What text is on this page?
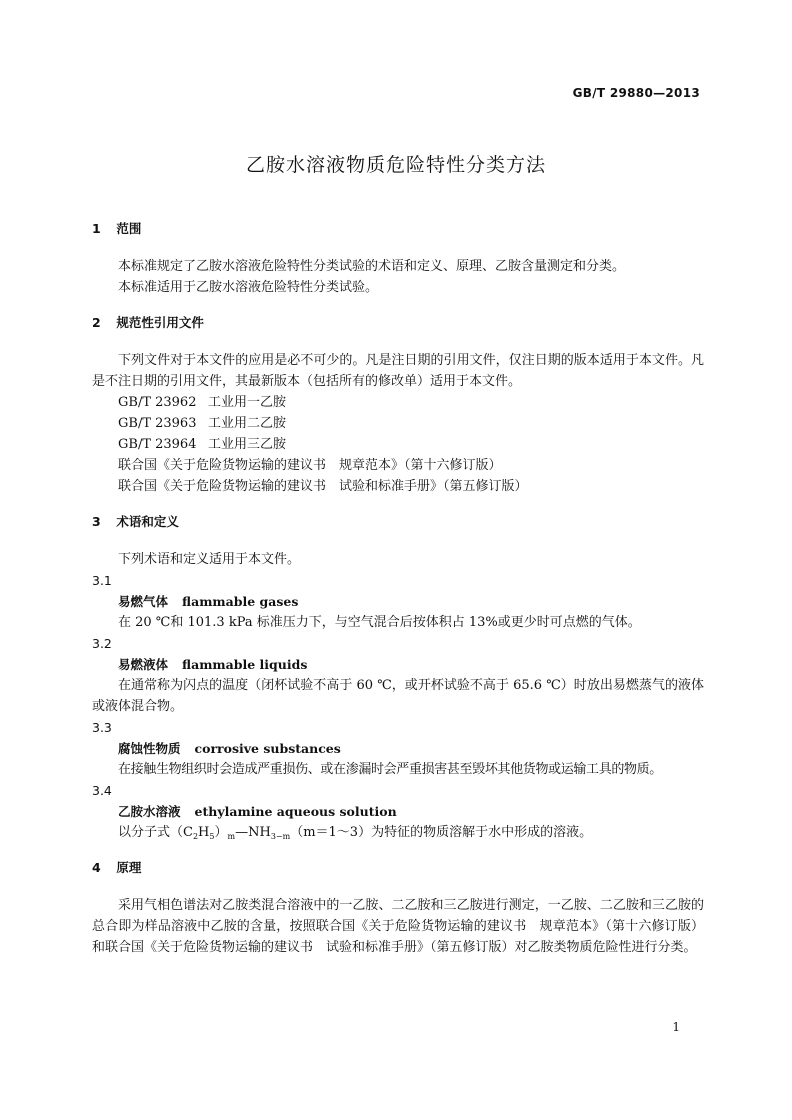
GB/T 29880—2013
乙胺水溶液物质危险特性分类方法
1 范围

本标准规定了乙胺水溶液危险特性分类试验的术语和定义、原理、乙胺含量测定和分类。

本标准适用于乙胺水溶液危险特性分类试验。

2 规范性引用文件

下列文件对于本文件的应用是必不可少的。凡是注日期的引用文件，仅注日期的版本适用于本文件。凡是不注日期的引用文件，其最新版本（包括所有的修改单）适用于本文件。

GB/T 23962 工业用一乙胺

GB/T 23963 工业用二乙胺

GB/T 23964 工业用三乙胺

联合国《关于危险货物运输的建议书　规章范本》（第十六修订版）

联合国《关于危险货物运输的建议书　试验和标准手册》（第五修订版）

3 术语和定义

下列术语和定义适用于本文件。

3.1

易燃气体 flammable gases

在 20 ℃和 101.3 kPa 标准压力下，与空气混合后按体积占 13%或更少时可点燃的气体。

3.2

易燃液体 flammable liquids

在通常称为闪点的温度（闭杯试验不高于 60 ℃，或开杯试验不高于 65.6 ℃）时放出易燃蒸气的液体或液体混合物。

3.3

腐蚀性物质 corrosive substances

在接触生物组织时会造成严重损伤、或在渗漏时会严重损害甚至毁坏其他货物或运输工具的物质。

3.4

乙胺水溶液 ethylamine aqueous solution

以分子式$(C_2H_5)_m—NH_{3-m}(m=1\sim 3)$为特征的物质溶解于水中形成的溶液。

4 原理

采用气相色谱法对乙胺类混合溶液中的一乙胺、二乙胺和三乙胺进行测定，一乙胺、二乙胺和三乙胺的总合即为样品溶液中乙胺的含量，按照联合国《关于危险货物运输的建议书　规章范本》（第十六修订版）和联合国《关于危险货物运输的建议书　试验和标准手册》（第五修订版）对乙胺类物质危险性进行分类。

1
